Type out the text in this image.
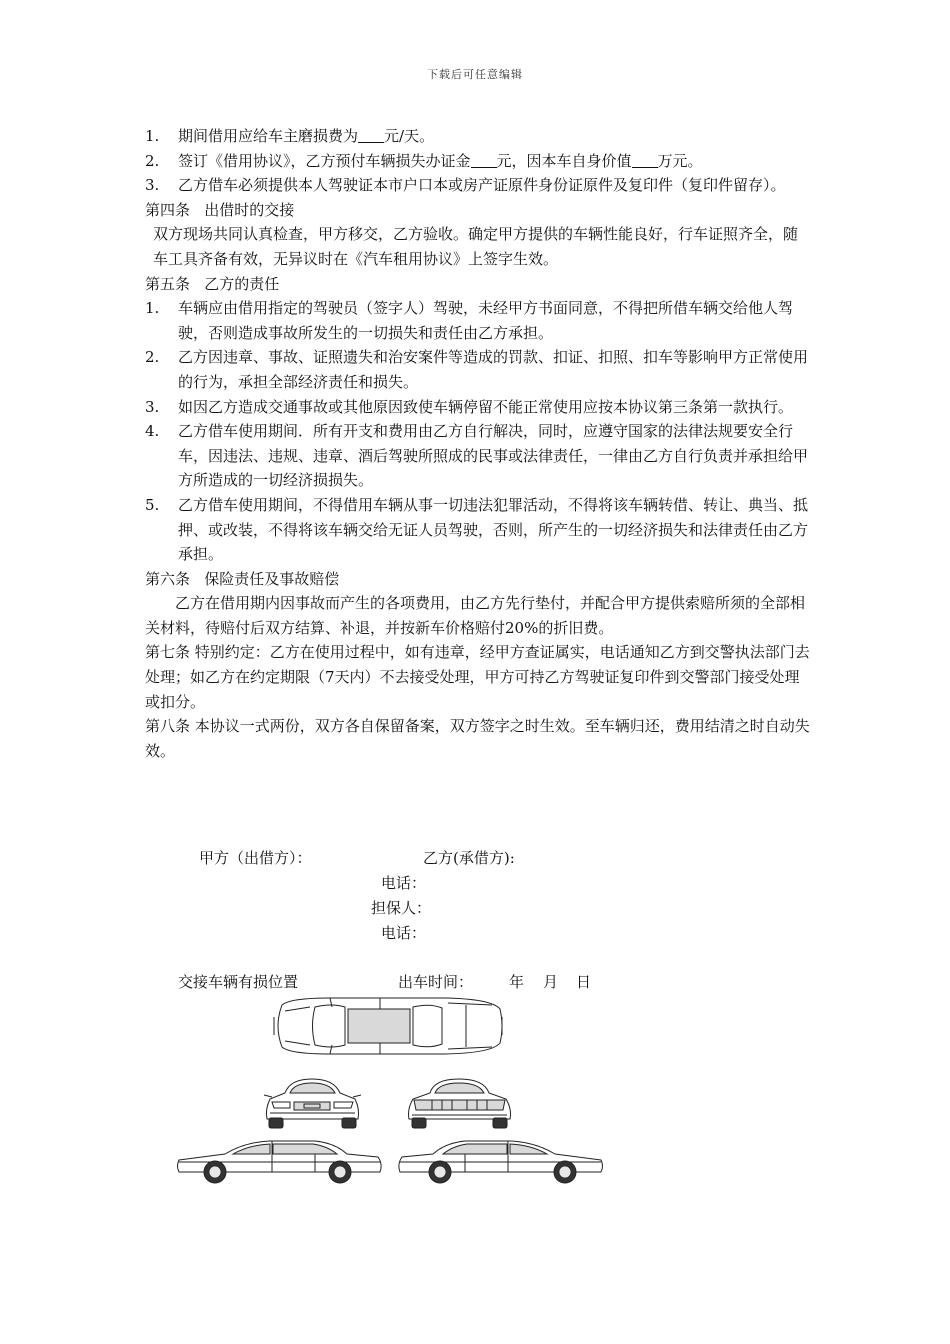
下载后可任意编辑
1. 期间借用应给车主磨损费为 元/天。
2. 签订《借用协议》，乙方预付车辆损失办证金 元，因本车自身价值 万元。
3. 乙方借车必须提供本人驾驶证本市户口本或房产证原件身份证原件及复印件（复印件留存）。
第四条   出借时的交接
双方现场共同认真检查，甲方移交，乙方验收。确定甲方提供的车辆性能良好，行车证照齐全，随车工具齐备有效，无异议时在《汽车租用协议》上签字生效。
第五条   乙方的责任
1. 车辆应由借用指定的驾驶员（签字人）驾驶，未经甲方书面同意，不得把所借车辆交给他人驾驶，否则造成事故所发生的一切损失和责任由乙方承担。
2. 乙方因违章、事故、证照遗失和治安案件等造成的罚款、扣证、扣照、扣车等影响甲方正常使用的行为，承担全部经济责任和损失。
3. 如因乙方造成交通事故或其他原因致使车辆停留不能正常使用应按本协议第三条第一款执行。
4. 乙方借车使用期间．所有开支和费用由乙方自行解决，同时，应遵守国家的法律法规要安全行车，因违法、违规、违章、酒后驾驶所照成的民事或法律责任，一律由乙方自行负责并承担给甲方所造成的一切经济损损失。
5. 乙方借车使用期间，不得借用车辆从事一切违法犯罪活动，不得将该车辆转借、转让、典当、抵押、或改装，不得将该车辆交给无证人员驾驶，否则，所产生的一切经济损失和法律责任由乙方承担。
第六条   保险责任及事故赔偿
乙方在借用期内因事故而产生的各项费用，由乙方先行垫付，并配合甲方提供索赔所须的全部相关材料，待赔付后双方结算、补退，并按新车价格赔付20%的折旧费。
第七条 特别约定：乙方在使用过程中，如有违章，经甲方查证属实，电话通知乙方到交警执法部门去处理；如乙方在约定期限（7天内）不去接受处理，甲方可持乙方驾驶证复印件到交警部门接受处理或扣分。
第八条 本协议一式两份，双方各自保留备案，双方签字之时生效。至车辆归还，费用结清之时自动失效。
甲方（出借方）：	乙方(承借方):
电话：
担保人：
电话：
交接车辆有损位置	出车时间： 年 月 日
